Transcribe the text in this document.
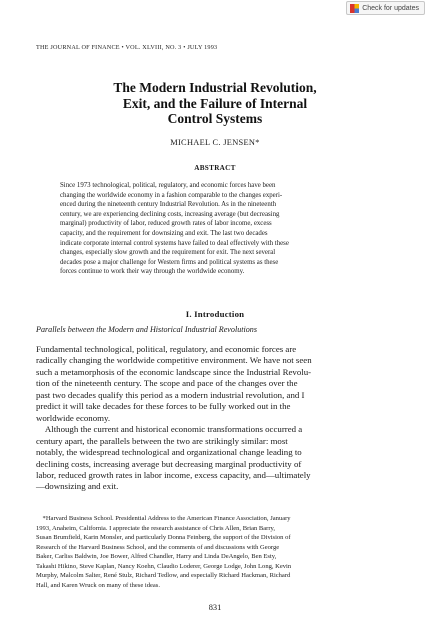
Check for updates
THE JOURNAL OF FINANCE • VOL. XLVIII, NO. 3 • JULY 1993
The Modern Industrial Revolution,
Exit, and the Failure of Internal
Control Systems
MICHAEL C. JENSEN*
ABSTRACT
Since 1973 technological, political, regulatory, and economic forces have been
changing the worldwide economy in a fashion comparable to the changes experi-
enced during the nineteenth century Industrial Revolution. As in the nineteenth
century, we are experiencing declining costs, increasing average (but decreasing
marginal) productivity of labor, reduced growth rates of labor income, excess
capacity, and the requirement for downsizing and exit. The last two decades
indicate corporate internal control systems have failed to deal effectively with these
changes, especially slow growth and the requirement for exit. The next several
decades pose a major challenge for Western firms and political systems as these
forces continue to work their way through the worldwide economy.
I. Introduction
Parallels between the Modern and Historical Industrial Revolutions
Fundamental technological, political, regulatory, and economic forces are
radically changing the worldwide competitive environment. We have not seen
such a metamorphosis of the economic landscape since the Industrial Revolu-
tion of the nineteenth century. The scope and pace of the changes over the
past two decades qualify this period as a modern industrial revolution, and I
predict it will take decades for these forces to be fully worked out in the
worldwide economy.
 Although the current and historical economic transformations occurred a
century apart, the parallels between the two are strikingly similar: most
notably, the widespread technological and organizational change leading to
declining costs, increasing average but decreasing marginal productivity of
labor, reduced growth rates in labor income, excess capacity, and—ultimately
—downsizing and exit.
 *Harvard Business School. Presidential Address to the American Finance Association, January
1993, Anaheim, California. I appreciate the research assistance of Chris Allen, Brian Barry,
Susan Brumfield, Karin Monsler, and particularly Donna Feinberg, the support of the Division of
Research of the Harvard Business School, and the comments of and discussions with George
Baker, Carliss Baldwin, Joe Bower, Alfred Chandler, Harry and Linda DeAngelo, Ben Esty,
Takashi Hikino, Steve Kaplan, Nancy Koehn, Claudio Loderer, George Lodge, John Long, Kevin
Murphy, Malcolm Salter, René Stulz, Richard Tedlow, and especially Richard Hackman, Richard
Hall, and Karen Wruck on many of these ideas.
831
